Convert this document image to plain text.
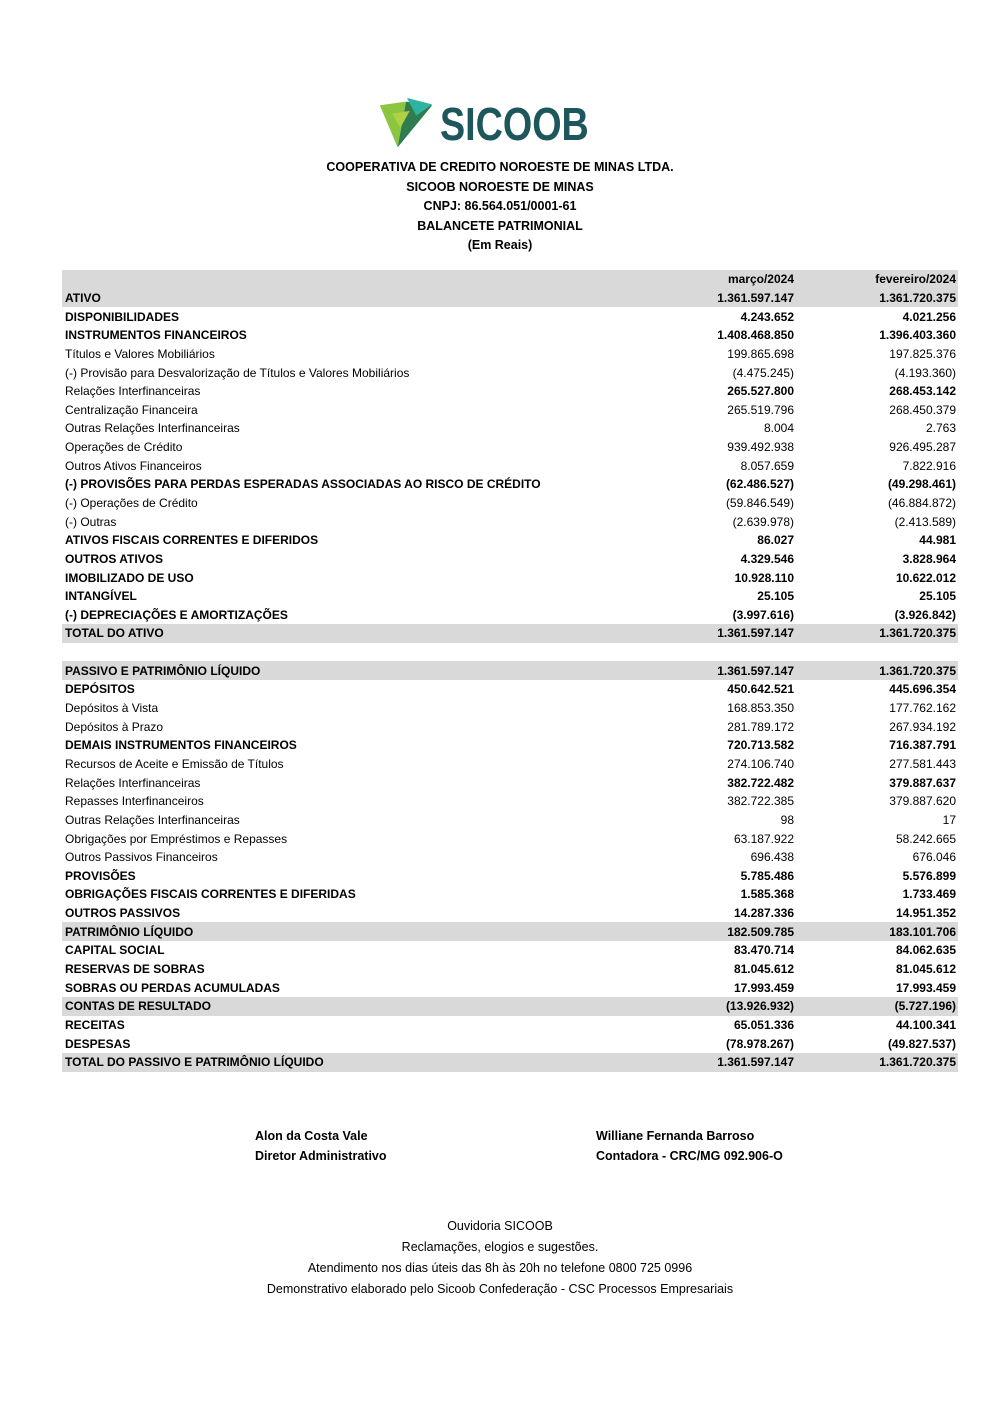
SICOOB
COOPERATIVA DE CREDITO NOROESTE DE MINAS LTDA.
SICOOB NOROESTE DE MINAS
CNPJ: 86.564.051/0001-61
BALANCETE PATRIMONIAL
(Em Reais)
março/2024	fevereiro/2024
ATIVO	1.361.597.147	1.361.720.375
DISPONIBILIDADES	4.243.652	4.021.256
INSTRUMENTOS FINANCEIROS	1.408.468.850	1.396.403.360
Títulos e Valores Mobiliários	199.865.698	197.825.376
(-) Provisão para Desvalorização de Títulos e Valores Mobiliários	(4.475.245)	(4.193.360)
Relações Interfinanceiras	265.527.800	268.453.142
Centralização Financeira	265.519.796	268.450.379
Outras Relações Interfinanceiras	8.004	2.763
Operações de Crédito	939.492.938	926.495.287
Outros Ativos Financeiros	8.057.659	7.822.916
(-) PROVISÕES PARA PERDAS ESPERADAS ASSOCIADAS AO RISCO DE CRÉDITO	(62.486.527)	(49.298.461)
(-) Operações de Crédito	(59.846.549)	(46.884.872)
(-) Outras	(2.639.978)	(2.413.589)
ATIVOS FISCAIS CORRENTES E DIFERIDOS	86.027	44.981
OUTROS ATIVOS	4.329.546	3.828.964
IMOBILIZADO DE USO	10.928.110	10.622.012
INTANGÍVEL	25.105	25.105
(-) DEPRECIAÇÕES E AMORTIZAÇÕES	(3.997.616)	(3.926.842)
TOTAL DO ATIVO	1.361.597.147	1.361.720.375
PASSIVO E PATRIMÔNIO LÍQUIDO	1.361.597.147	1.361.720.375
DEPÓSITOS	450.642.521	445.696.354
Depósitos à Vista	168.853.350	177.762.162
Depósitos à Prazo	281.789.172	267.934.192
DEMAIS INSTRUMENTOS FINANCEIROS	720.713.582	716.387.791
Recursos de Aceite e Emissão de Títulos	274.106.740	277.581.443
Relações Interfinanceiras	382.722.482	379.887.637
Repasses Interfinanceiros	382.722.385	379.887.620
Outras Relações Interfinanceiras	98	17
Obrigações por Empréstimos e Repasses	63.187.922	58.242.665
Outros Passivos Financeiros	696.438	676.046
PROVISÕES	5.785.486	5.576.899
OBRIGAÇÕES FISCAIS CORRENTES E DIFERIDAS	1.585.368	1.733.469
OUTROS PASSIVOS	14.287.336	14.951.352
PATRIMÔNIO LÍQUIDO	182.509.785	183.101.706
CAPITAL SOCIAL	83.470.714	84.062.635
RESERVAS DE SOBRAS	81.045.612	81.045.612
SOBRAS OU PERDAS ACUMULADAS	17.993.459	17.993.459
CONTAS DE RESULTADO	(13.926.932)	(5.727.196)
RECEITAS	65.051.336	44.100.341
DESPESAS	(78.978.267)	(49.827.537)
TOTAL DO PASSIVO E PATRIMÔNIO LÍQUIDO	1.361.597.147	1.361.720.375
Alon da Costa Vale
Diretor Administrativo
Williane Fernanda Barroso
Contadora - CRC/MG 092.906-O
Ouvidoria SICOOB
Reclamações, elogios e sugestões.
Atendimento nos dias úteis das 8h às 20h no telefone 0800 725 0996
Demonstrativo elaborado pelo Sicoob Confederação - CSC Processos Empresariais
